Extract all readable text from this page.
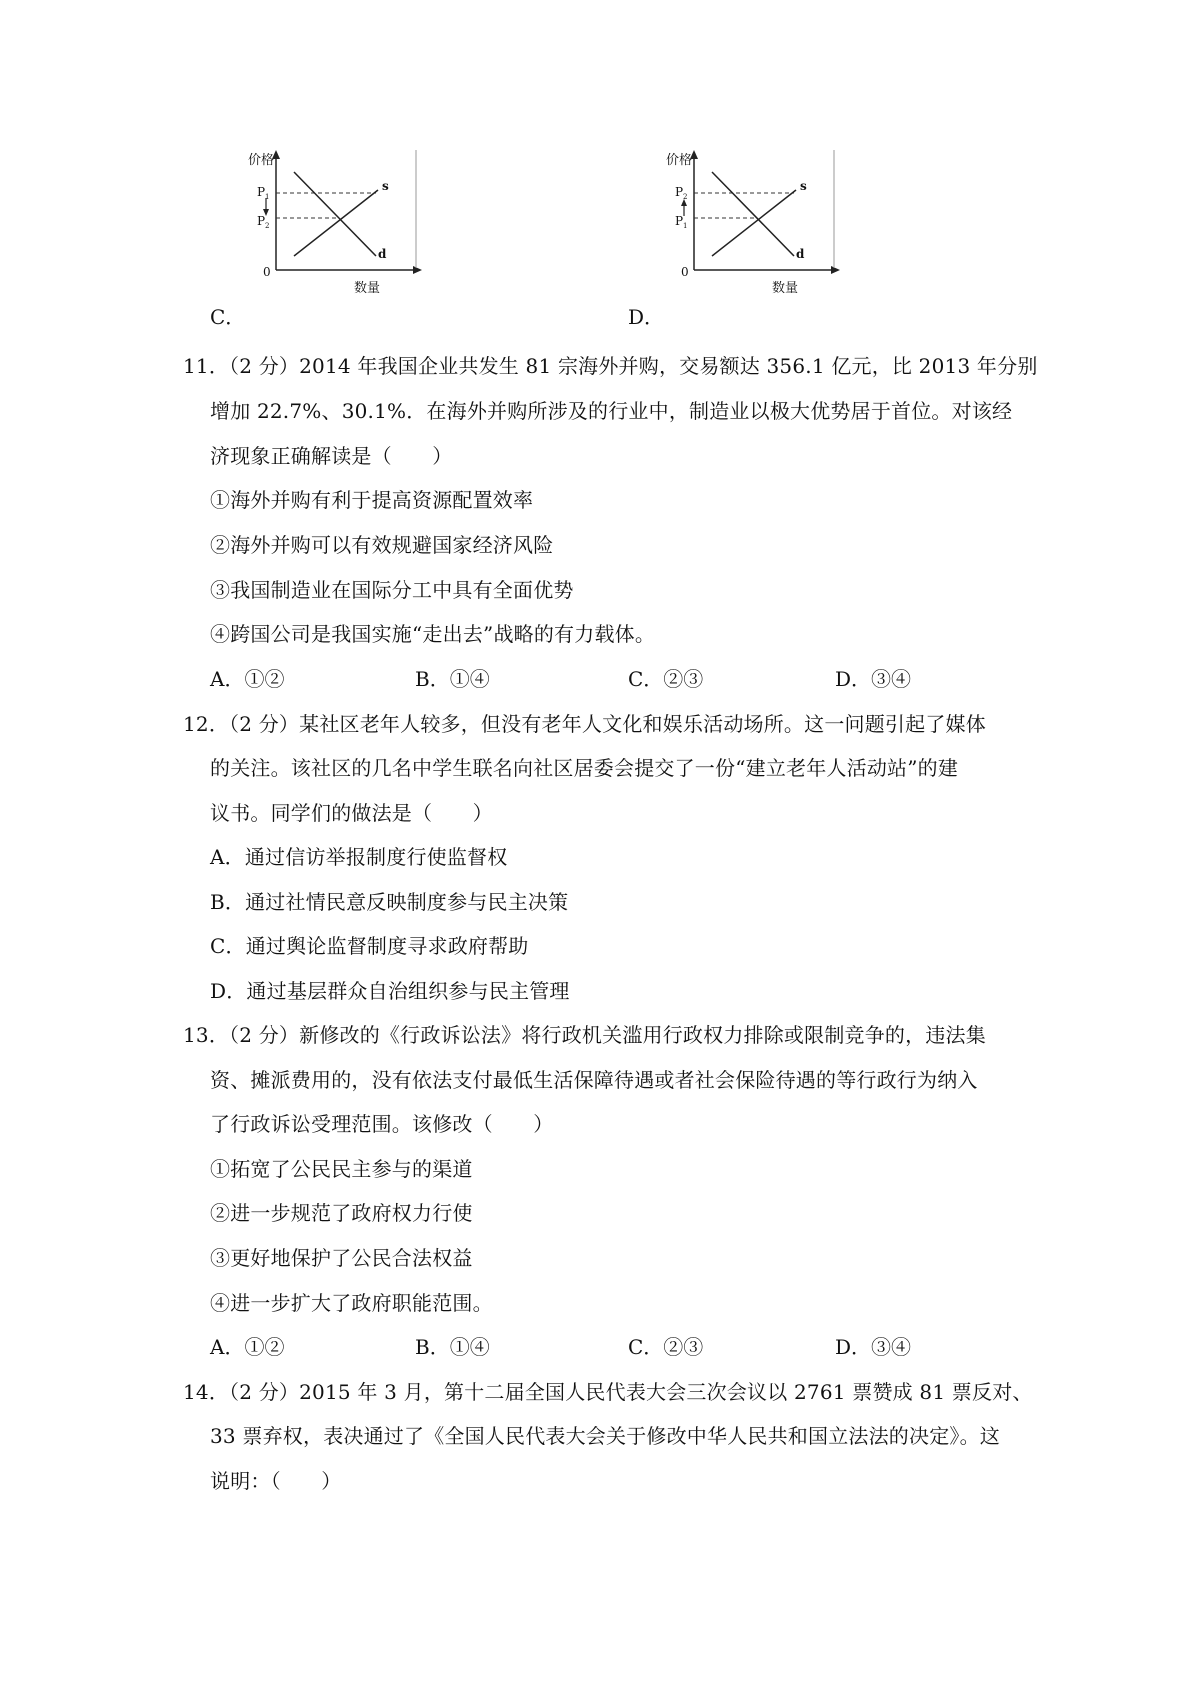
价格
数量
0
P 1
P 2
s
d
C．
价格
数量
0
P 2
P 1
s
d
D．
11．（2 分）2014 年我国企业共发生 81 宗海外并购，交易额达 356.1 亿元，比 2013 年分别
增加 22.7%、30.1%．在海外并购所涉及的行业中，制造业以极大优势居于首位。对该经
济现象正确解读是（　　）
①海外并购有利于提高资源配置效率
②海外并购可以有效规避国家经济风险
③我国制造业在国际分工中具有全面优势
④跨国公司是我国实施“走出去”战略的有力载体。
A．①②	B．①④	C．②③	D．③④
12．（2 分）某社区老年人较多，但没有老年人文化和娱乐活动场所。这一问题引起了媒体
的关注。该社区的几名中学生联名向社区居委会提交了一份“建立老年人活动站”的建
议书。同学们的做法是（　　）
A．通过信访举报制度行使监督权
B．通过社情民意反映制度参与民主决策
C．通过舆论监督制度寻求政府帮助
D．通过基层群众自治组织参与民主管理
13．（2 分）新修改的《行政诉讼法》将行政机关滥用行政权力排除或限制竞争的，违法集
资、摊派费用的，没有依法支付最低生活保障待遇或者社会保险待遇的等行政行为纳入
了行政诉讼受理范围。该修改（　　）
①拓宽了公民民主参与的渠道
②进一步规范了政府权力行使
③更好地保护了公民合法权益
④进一步扩大了政府职能范围。
A．①②	B．①④	C．②③	D．③④
14．（2 分）2015 年 3 月，第十二届全国人民代表大会三次会议以 2761 票赞成 81 票反对、
33 票弃权，表决通过了《全国人民代表大会关于修改中华人民共和国立法法的决定》。这
说明：（　　）
